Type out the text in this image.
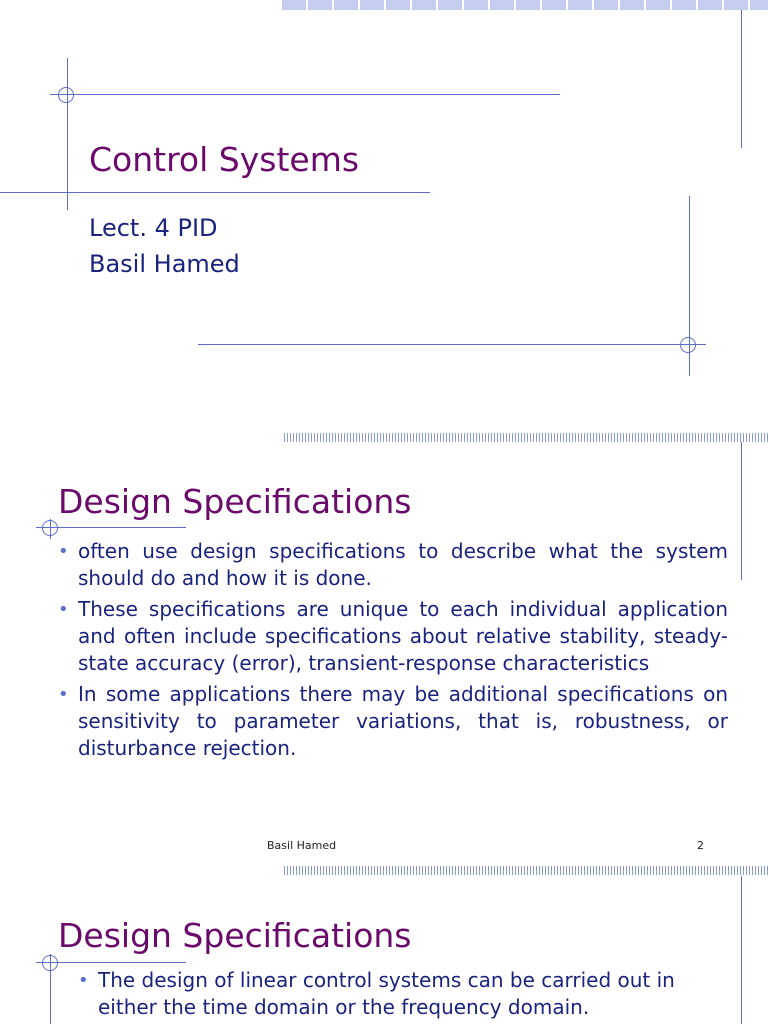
Control Systems
Lect. 4 PID
Basil Hamed
Design Specifications
• often use design specifications to describe what the system should do and how it is done.
• These specifications are unique to each individual application and often include specifications about relative stability, steady-state accuracy (error), transient-response characteristics
• In some applications there may be additional specifications on sensitivity to parameter variations, that is, robustness, or disturbance rejection.
Basil Hamed	2
Design Specifications
• The design of linear control systems can be carried out in either the time domain or the frequency domain.
